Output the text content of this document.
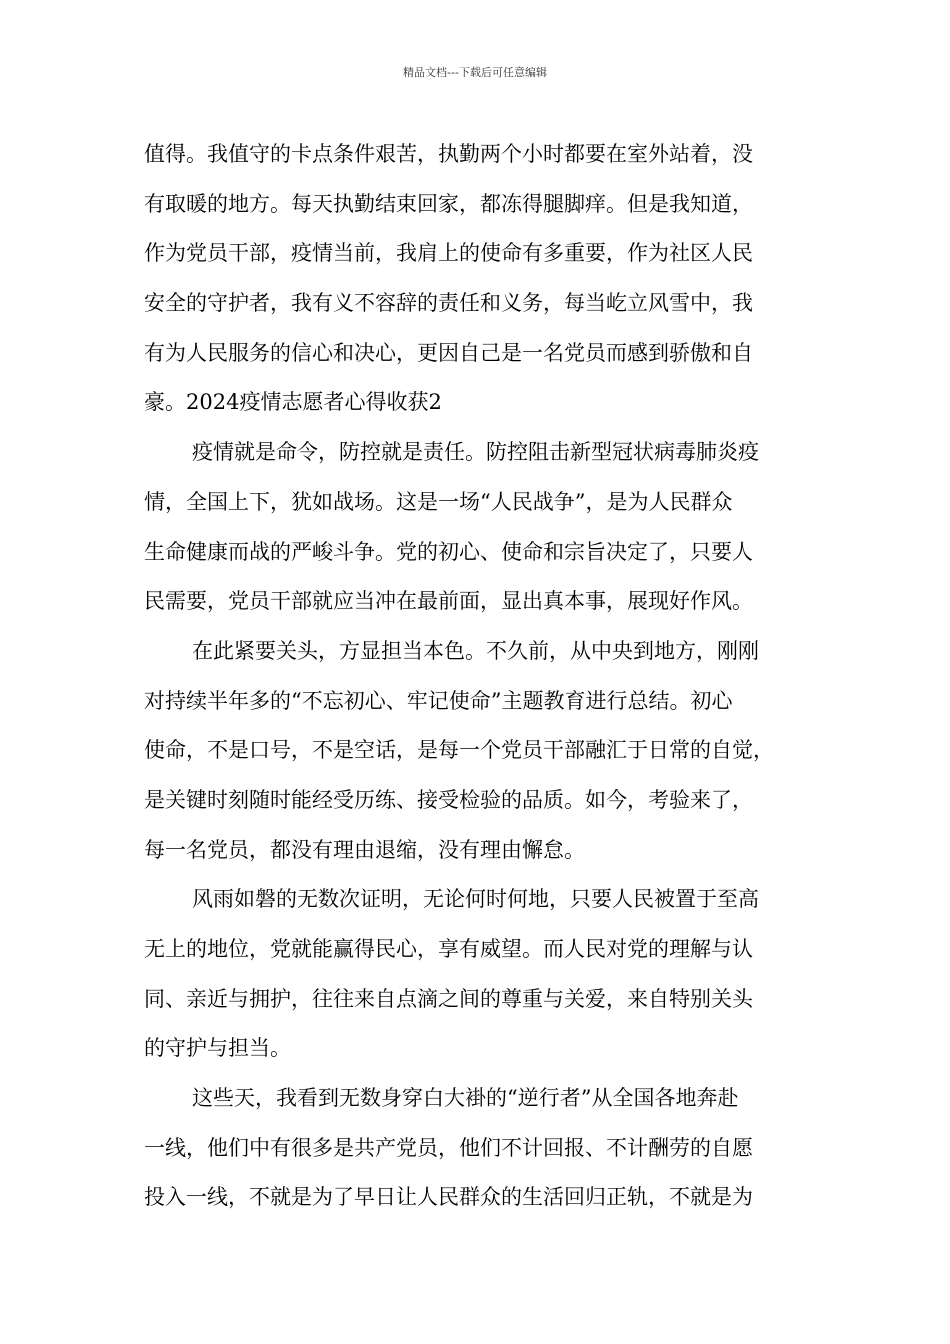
精品文档---下载后可任意编辑
值得。我值守的卡点条件艰苦，执勤两个小时都要在室外站着，没
有取暖的地方。每天执勤结束回家，都冻得腿脚痒。但是我知道，
作为党员干部，疫情当前，我肩上的使命有多重要，作为社区人民
安全的守护者，我有义不容辞的责任和义务，每当屹立风雪中，我
有为人民服务的信心和决心，更因自己是一名党员而感到骄傲和自
豪。2024疫情志愿者心得收获2
疫情就是命令，防控就是责任。防控阻击新型冠状病毒肺炎疫
情，全国上下，犹如战场。这是一场“人民战争”，是为人民群众
生命健康而战的严峻斗争。党的初心、使命和宗旨决定了，只要人
民需要，党员干部就应当冲在最前面，显出真本事，展现好作风。
在此紧要关头，方显担当本色。不久前，从中央到地方，刚刚
对持续半年多的“不忘初心、牢记使命”主题教育进行总结。初心
使命，不是口号，不是空话，是每一个党员干部融汇于日常的自觉，
是关键时刻随时能经受历练、接受检验的品质。如今，考验来了，
每一名党员，都没有理由退缩，没有理由懈怠。
风雨如磐的无数次证明，无论何时何地，只要人民被置于至高
无上的地位，党就能赢得民心，享有威望。而人民对党的理解与认
同、亲近与拥护，往往来自点滴之间的尊重与关爱，来自特别关头
的守护与担当。
这些天，我看到无数身穿白大褂的“逆行者”从全国各地奔赴
一线，他们中有很多是共产党员，他们不计回报、不计酬劳的自愿
投入一线，不就是为了早日让人民群众的生活回归正轨，不就是为
